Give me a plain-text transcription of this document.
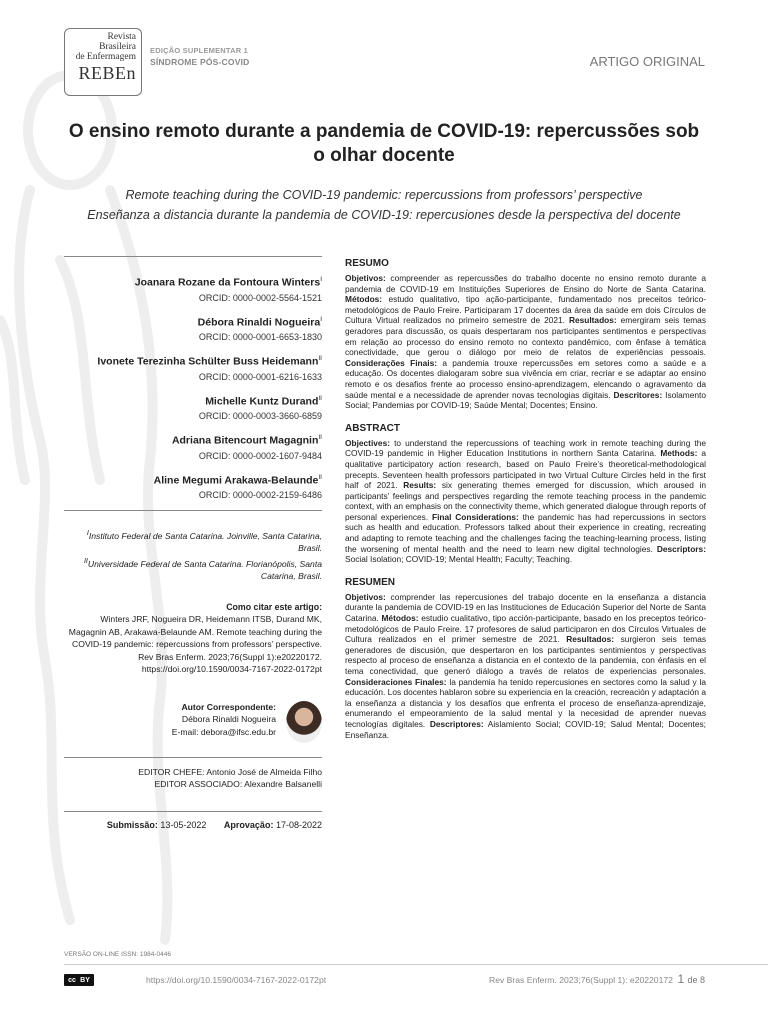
Revista
Brasileira
de Enfermagem
REBEn
EDIÇÃO SUPLEMENTAR 1
SÍNDROME PÓS-COVID	ARTIGO ORIGINAL
O ensino remoto durante a pandemia de COVID-19: repercussões sob o olhar docente
Remote teaching during the COVID-19 pandemic: repercussions from professors’ perspective
Enseñanza a distancia durante la pandemia de COVID-19: repercusiones desde la perspectiva del docente
Joanara Rozane da Fontoura Winters$^I$
ORCID: 0000-0002-5564-1521
Débora Rinaldi Nogueira$^I$
ORCID: 0000-0001-6653-1830
Ivonete Terezinha Schülter Buss Heidemann$^{II}$
ORCID: 0000-0001-6216-1633
Michelle Kuntz Durand$^{II}$
ORCID: 0000-0003-3660-6859
Adriana Bitencourt Magagnin$^{II}$
ORCID: 0000-0002-1607-9484
Aline Megumi Arakawa-Belaunde$^{II}$
ORCID: 0000-0002-2159-6486
$^I$Instituto Federal de Santa Catarina. Joinville, Santa Catarina, Brasil.
$^{II}$Universidade Federal de Santa Catarina. Florianópolis, Santa Catarina, Brasil.
Como citar este artigo:
Winters JRF, Nogueira DR, Heidemann ITSB, Durand MK, Magagnin AB, Arakawa-Belaunde AM. Remote teaching during the COVID-19 pandemic: repercussions from professors’ perspective. Rev Bras Enferm. 2023;76(Suppl 1):e20220172. https://doi.org/10.1590/0034-7167-2022-0172pt
Autor Correspondente:
Débora Rinaldi Nogueira
E-mail: debora@ifsc.edu.br
EDITOR CHEFE: Antonio José de Almeida Filho
EDITOR ASSOCIADO: Alexandre Balsanelli
Submissão: 13-05-2022 Aprovação: 17-08-2022
RESUMO

Objetivos: compreender as repercussões do trabalho docente no ensino remoto durante a pandemia de COVID-19 em Instituições Superiores de Ensino do Norte de Santa Catarina. Métodos: estudo qualitativo, tipo ação-participante, fundamentado nos preceitos teórico-metodológicos de Paulo Freire. Participaram 17 docentes da área da saúde em dois Círculos de Cultura Virtual realizados no primeiro semestre de 2021. Resultados: emergiram seis temas geradores para discussão, os quais despertaram nos participantes sentimentos e perspectivas em relação ao processo do ensino remoto no contexto pandêmico, com ênfase à temática conectividade, que gerou o diálogo por meio de relatos de experiências pessoais. Considerações Finais: a pandemia trouxe repercussões em setores como a saúde e a educação. Os docentes dialogaram sobre sua vivência em criar, recriar e se adaptar ao ensino remoto e os desafios frente ao processo ensino-aprendizagem, elencando o agravamento da saúde mental e a necessidade de aprender novas tecnologias digitais. Descritores: Isolamento Social; Pandemias por COVID-19; Saúde Mental; Docentes; Ensino.

ABSTRACT

Objectives: to understand the repercussions of teaching work in remote teaching during the COVID-19 pandemic in Higher Education Institutions in northern Santa Catarina. Methods: a qualitative participatory action research, based on Paulo Freire’s theoretical-methodological precepts. Seventeen health professors participated in two Virtual Culture Circles held in the first half of 2021. Results: six generating themes emerged for discussion, which aroused in participants’ feelings and perspectives regarding the remote teaching process in the pandemic context, with an emphasis on the connectivity theme, which generated dialogue through reports of personal experiences. Final Considerations: the pandemic has had repercussions in sectors such as health and education. Professors talked about their experience in creating, recreating and adapting to remote teaching and the challenges facing the teaching-learning process, listing the worsening of mental health and the need to learn new digital technologies. Descriptors: Social Isolation; COVID-19; Mental Health; Faculty; Teaching.

RESUMEN

Objetivos: comprender las repercusiones del trabajo docente en la enseñanza a distancia durante la pandemia de COVID-19 en las Instituciones de Educación Superior del Norte de Santa Catarina. Métodos: estudio cualitativo, tipo acción-participante, basado en los preceptos teórico-metodológicos de Paulo Freire. 17 profesores de salud participaron en dos Círculos Virtuales de Cultura realizados en el primer semestre de 2021. Resultados: surgieron seis temas generadores de discusión, que despertaron en los participantes sentimientos y perspectivas respecto al proceso de enseñanza a distancia en el contexto de la pandemia, con énfasis en el tema conectividad, que generó diálogo a través de relatos de experiencias personales. Consideraciones Finales: la pandemia ha tenido repercusiones en sectores como la salud y la educación. Los docentes hablaron sobre su experiencia en la creación, recreación y adaptación a la enseñanza a distancia y los desafíos que enfrenta el proceso de enseñanza-aprendizaje, enumerando el empeoramiento de la salud mental y la necesidad de aprender nuevas tecnologías digitales. Descriptores: Aislamiento Social; COVID-19; Salud Mental; Docentes; Enseñanza.

VERSÃO ON-LINE ISSN: 1984-0446
cc BY	https://doi.org/10.1590/0034-7167-2022-0172pt	Rev Bras Enferm. 2023;76(Suppl 1): e20220172 1 de 8
